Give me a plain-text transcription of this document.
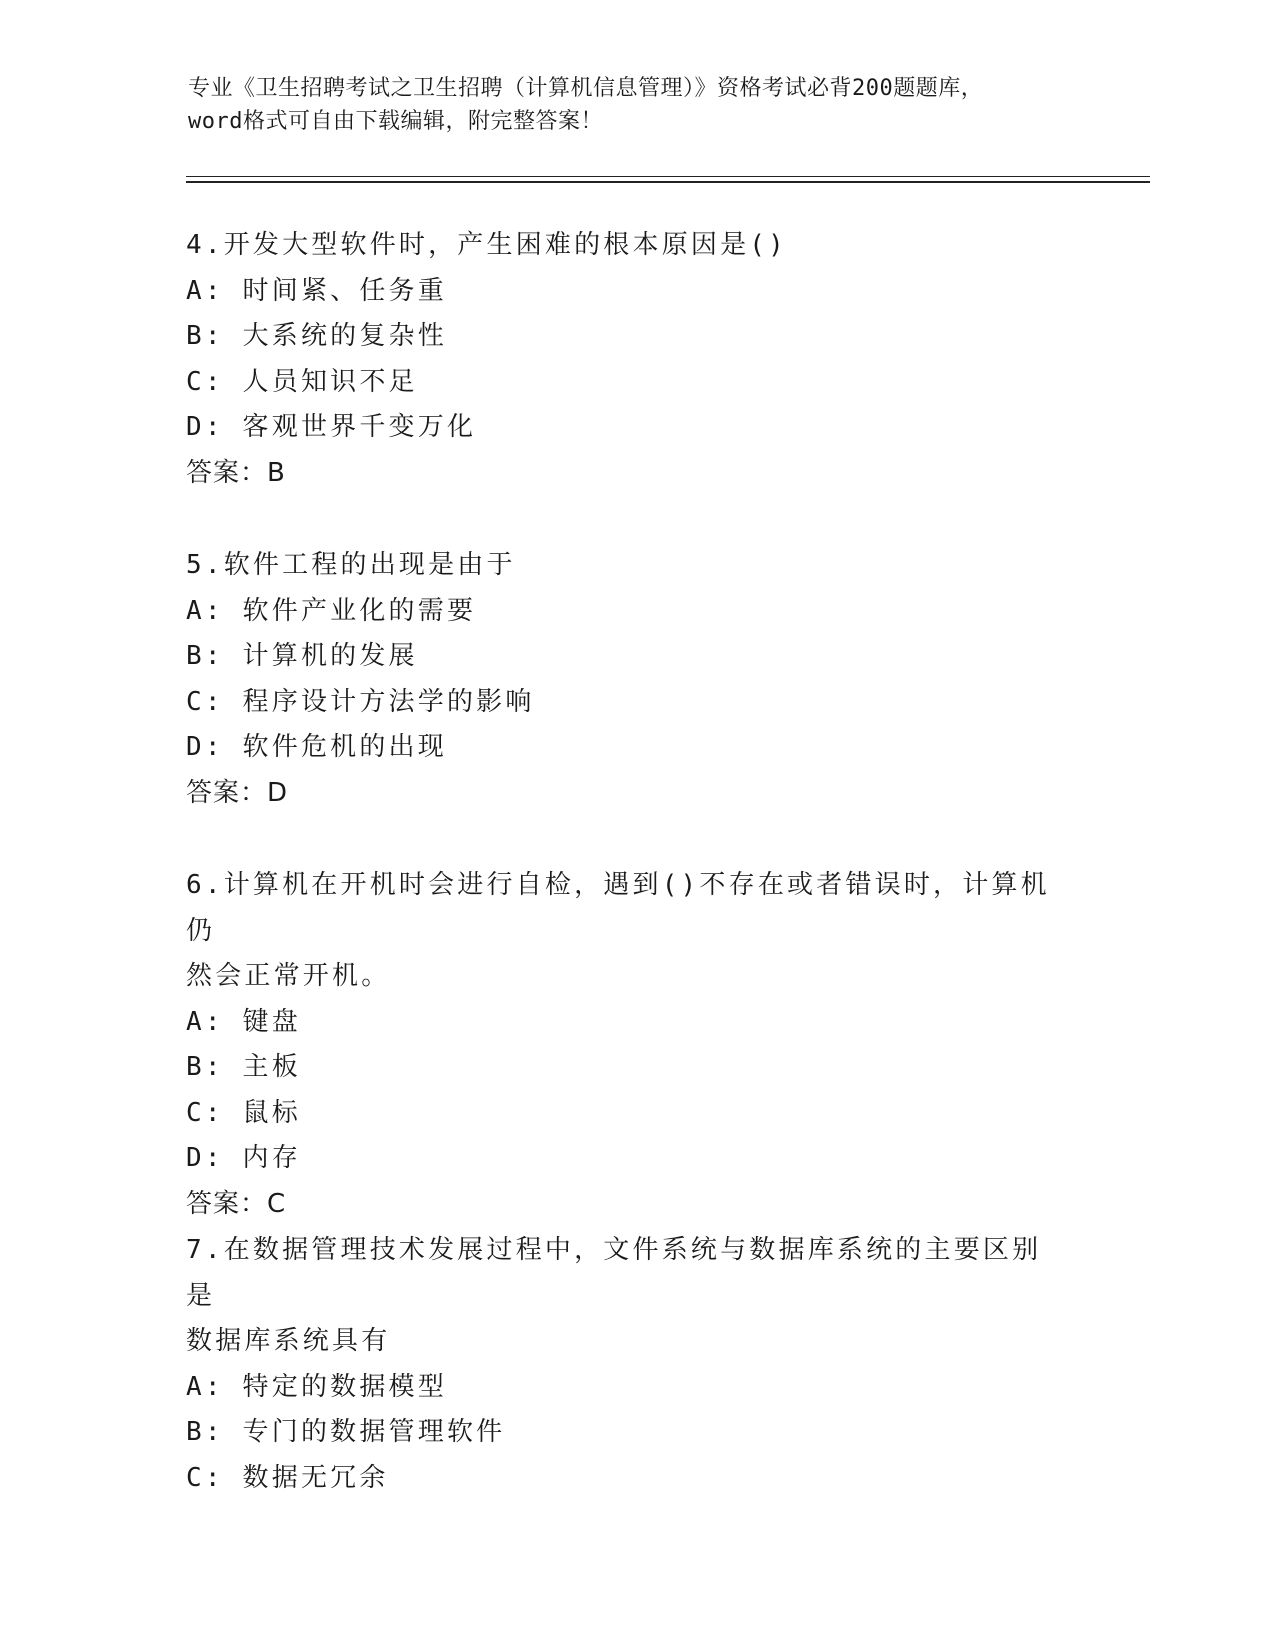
专业《卫生招聘考试之卫生招聘（计算机信息管理）》资格考试必背200题题库，
word格式可自由下载编辑，附完整答案！

4.开发大型软件时，产生困难的根本原因是()

A: 时间紧、任务重

B: 大系统的复杂性

C: 人员知识不足

D: 客观世界千变万化

答案：B

5.软件工程的出现是由于

A: 软件产业化的需要

B: 计算机的发展

C: 程序设计方法学的影响

D: 软件危机的出现

答案：D

6.计算机在开机时会进行自检，遇到()不存在或者错误时，计算机仍

然会正常开机。

A: 键盘

B: 主板

C: 鼠标

D: 内存

答案：C

7.在数据管理技术发展过程中，文件系统与数据库系统的主要区别是

数据库系统具有

A: 特定的数据模型

B: 专门的数据管理软件

C: 数据无冗余
